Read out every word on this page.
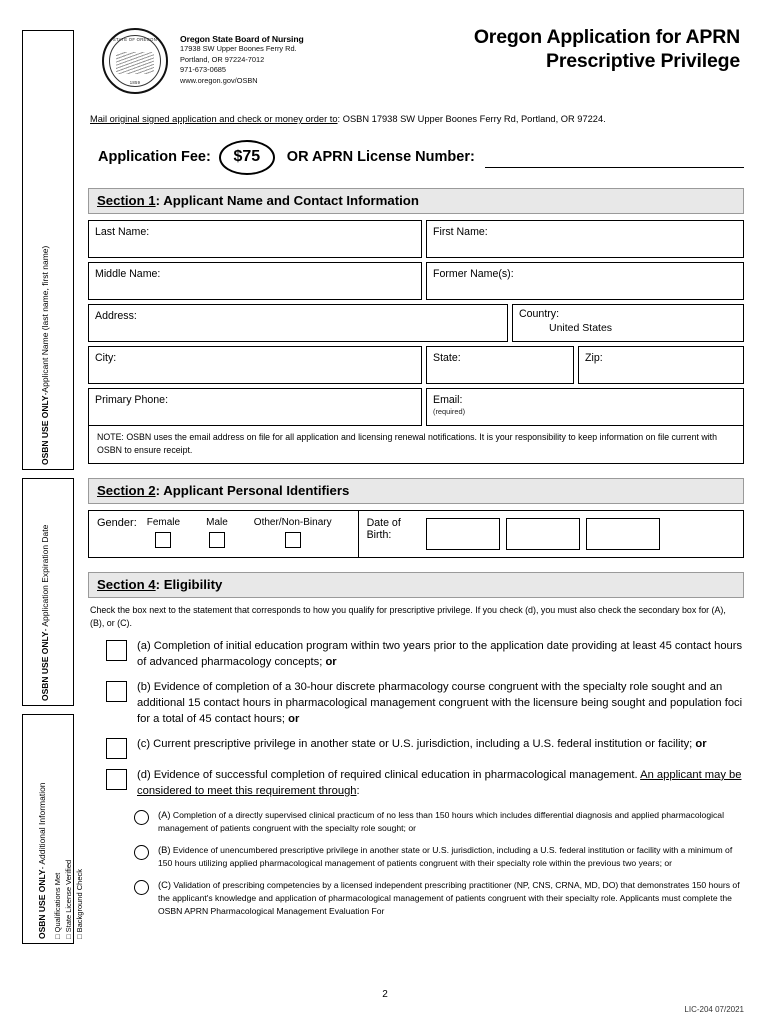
OSBN USE ONLY-Applicant Name (last name, first name)
OSBN USE ONLY- Application Expiration Date
OSBN USE ONLY- Additional Information
□ Qualifications Met
□ State License Verified
□ Background Check
STATE OF OREGON
1859
Oregon State Board of Nursing
17938 SW Upper Boones Ferry Rd.
Portland, OR 97224-7012
971-673-0685
www.oregon.gov/OSBN
Oregon Application for APRN
Prescriptive Privilege
Mail original signed application and check or money order to: OSBN 17938 SW Upper Boones Ferry Rd, Portland, OR 97224.
Application Fee:	$75	OR APRN License Number:
Section 1: Applicant Name and Contact Information
Last Name:	First Name:
Middle Name:	Former Name(s):
Address:	Country:
United States
City:	State:	Zip:
Primary Phone:	Email:
(required)
NOTE: OSBN uses the email address on file for all application and licensing renewal notifications. It is your responsibility to keep information on file current with OSBN to ensure receipt.
Section 2: Applicant Personal Identifiers
Gender:	Female	Male	Other/Non-Binary	Date of
Birth:
Section 4: Eligibility
Check the box next to the statement that corresponds to how you qualify for prescriptive privilege. If you check (d), you must also check the secondary box for (A), (B), or (C).
(a) Completion of initial education program within two years prior to the application date providing at least 45 contact hours of advanced pharmacology concepts; or
(b) Evidence of completion of a 30-hour discrete pharmacology course congruent with the specialty role sought and an additional 15 contact hours in pharmacological management congruent with the licensure being sought and population foci for a total of 45 contact hours; or
(c) Current prescriptive privilege in another state or U.S. jurisdiction, including a U.S. federal institution or facility; or
(d) Evidence of successful completion of required clinical education in pharmacological management. An applicant may be considered to meet this requirement through:
(A) Completion of a directly supervised clinical practicum of no less than 150 hours which includes differential diagnosis and applied pharmacological management of patients congruent with the specialty role sought; or
(B) Evidence of unencumbered prescriptive privilege in another state or U.S. jurisdiction, including a U.S. federal institution or facility with a minimum of 150 hours utilizing applied pharmacological management of patients congruent with their specialty role within the previous two years; or
(C) Validation of prescribing competencies by a licensed independent prescribing practitioner (NP, CNS, CRNA, MD, DO) that demonstrates 150 hours of the applicant's knowledge and application of pharmacological management of patients congruent with their specialty role. Applicants must complete the OSBN APRN Pharmacological Management Evaluation For
2
LIC-204 07/2021
